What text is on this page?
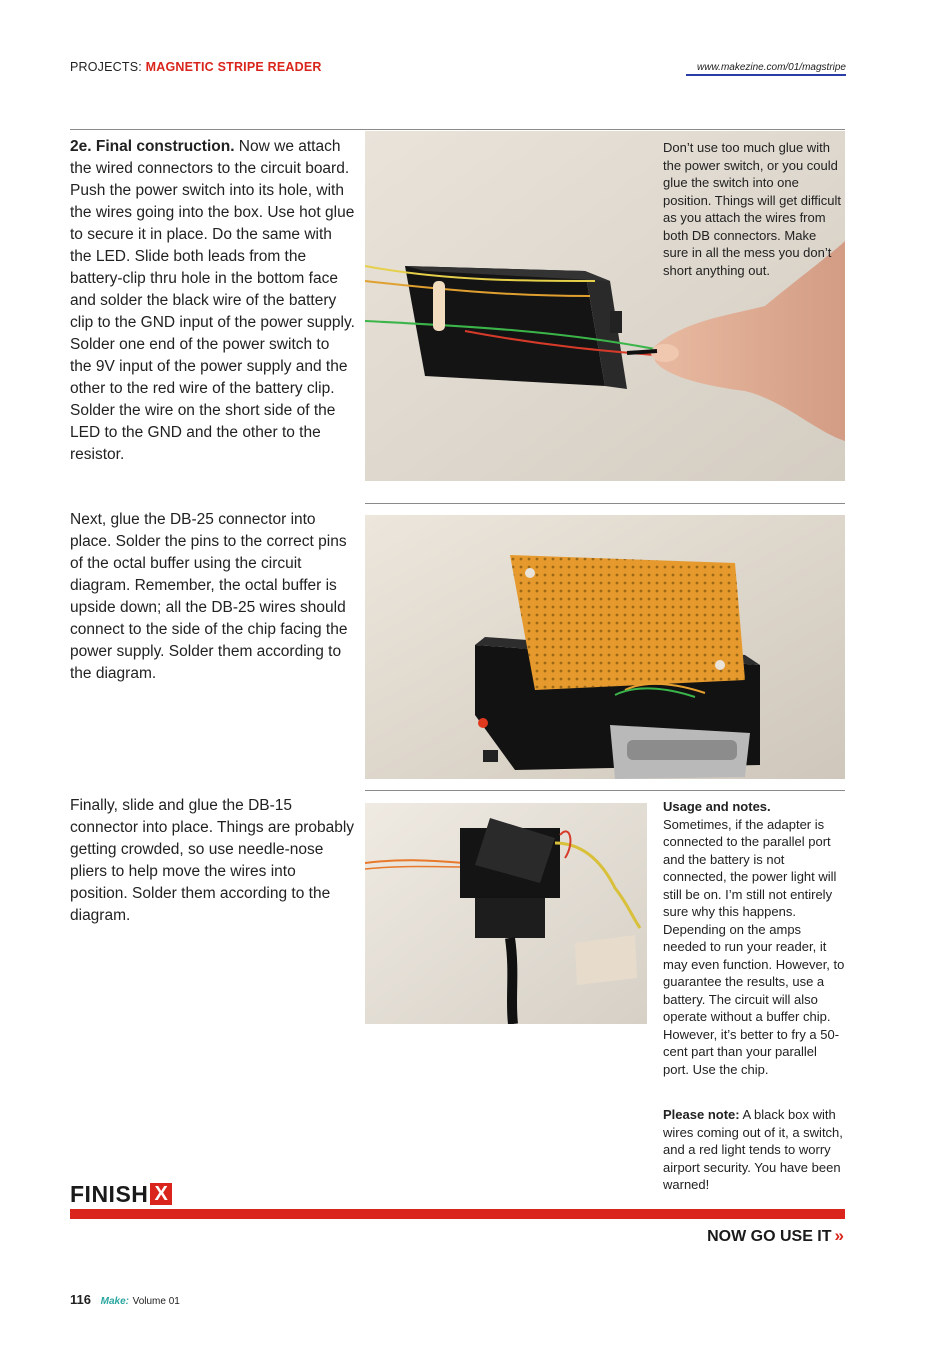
PROJECTS: MAGNETIC STRIPE READER	www.makezine.com/01/magstripe
2e. Final construction. Now we attach the wired connectors to the circuit board. Push the power switch into its hole, with the wires going into the box. Use hot glue to secure it in place. Do the same with the LED. Slide both leads from the battery-clip thru hole in the bottom face and solder the black wire of the battery clip to the GND input of the power supply. Solder one end of the power switch to the 9V input of the power supply and the other to the red wire of the battery clip. Solder the wire on the short side of the LED to the GND and the other to the resistor.
Next, glue the DB-25 connector into place. Solder the pins to the correct pins of the octal buffer using the circuit diagram. Remember, the octal buffer is upside down; all the DB-25 wires should connect to the side of the chip facing the power supply. Solder them according to the diagram.
Finally, slide and glue the DB-15 connector into place. Things are probably getting crowded, so use needle-nose pliers to help move the wires into position. Solder them according to the diagram.
Don’t use too much glue with the power switch, or you could glue the switch into one position. Things will get difficult as you attach the wires from both DB connectors. Make sure in all the mess you don’t short anything out.
Usage and notes.
Sometimes, if the adapter is connected to the parallel port and the battery is not connected, the power light will still be on. I’m still not entirely sure why this happens. Depending on the amps needed to run your reader, it may even function. However, to guarantee the results, use a battery. The circuit will also operate without a buffer chip. However, it’s better to fry a 50-cent part than your parallel port. Use the chip.
Please note: A black box with wires coming out of it, a switch, and a red light tends to worry airport security. You have been warned!
FINISH X
NOW GO USE IT »
116 Make: Volume 01
